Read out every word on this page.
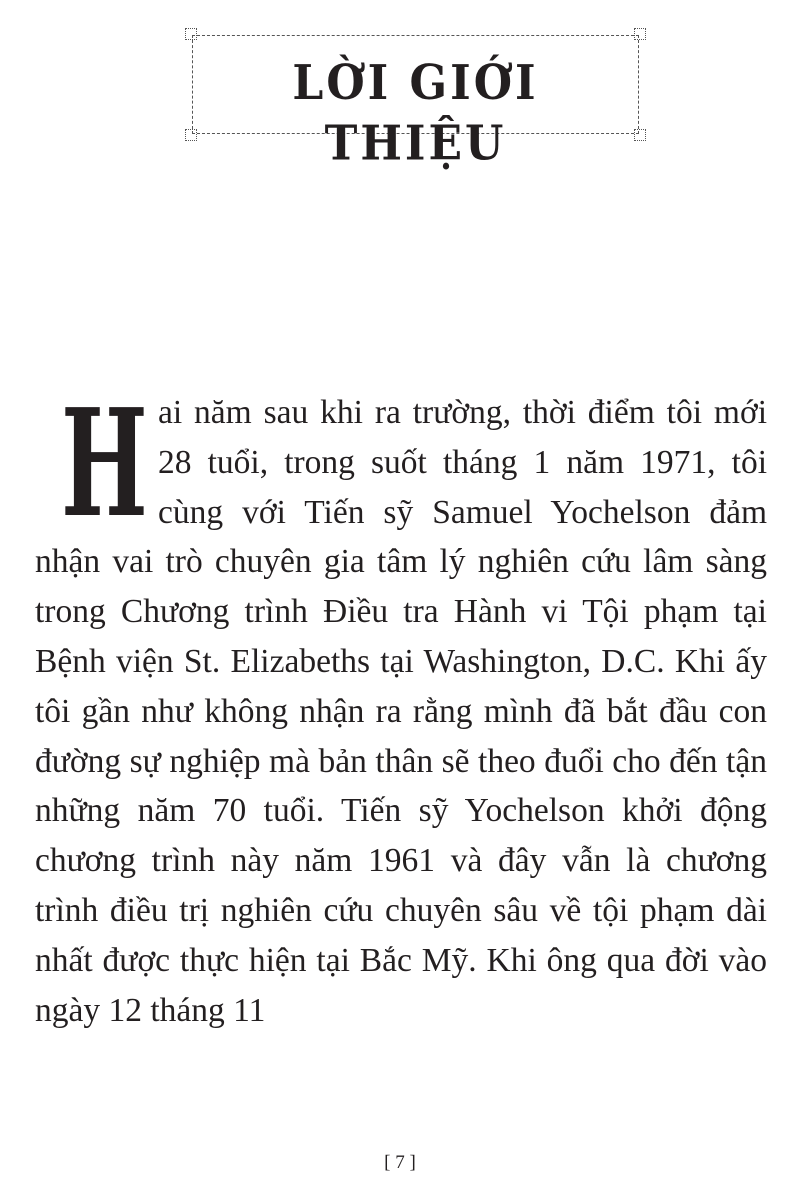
LỜI GIỚI THIỆU
H ai năm sau khi ra trường, thời điểm tôi mới 28 tuổi, trong suốt tháng 1 năm 1971, tôi cùng với Tiến sỹ Samuel Yochelson đảm nhận vai trò chuyên gia tâm lý nghiên cứu lâm sàng trong Chương trình Điều tra Hành vi Tội phạm tại Bệnh viện St. Elizabeths tại Washington, D.C. Khi ấy tôi gần như không nhận ra rằng mình đã bắt đầu con đường sự nghiệp mà bản thân sẽ theo đuổi cho đến tận những năm 70 tuổi. Tiến sỹ Yochelson khởi động chương trình này năm 1961 và đây vẫn là chương trình điều trị nghiên cứu chuyên sâu về tội phạm dài nhất được thực hiện tại Bắc Mỹ. Khi ông qua đời vào ngày 12 tháng 11
[ 7 ]
